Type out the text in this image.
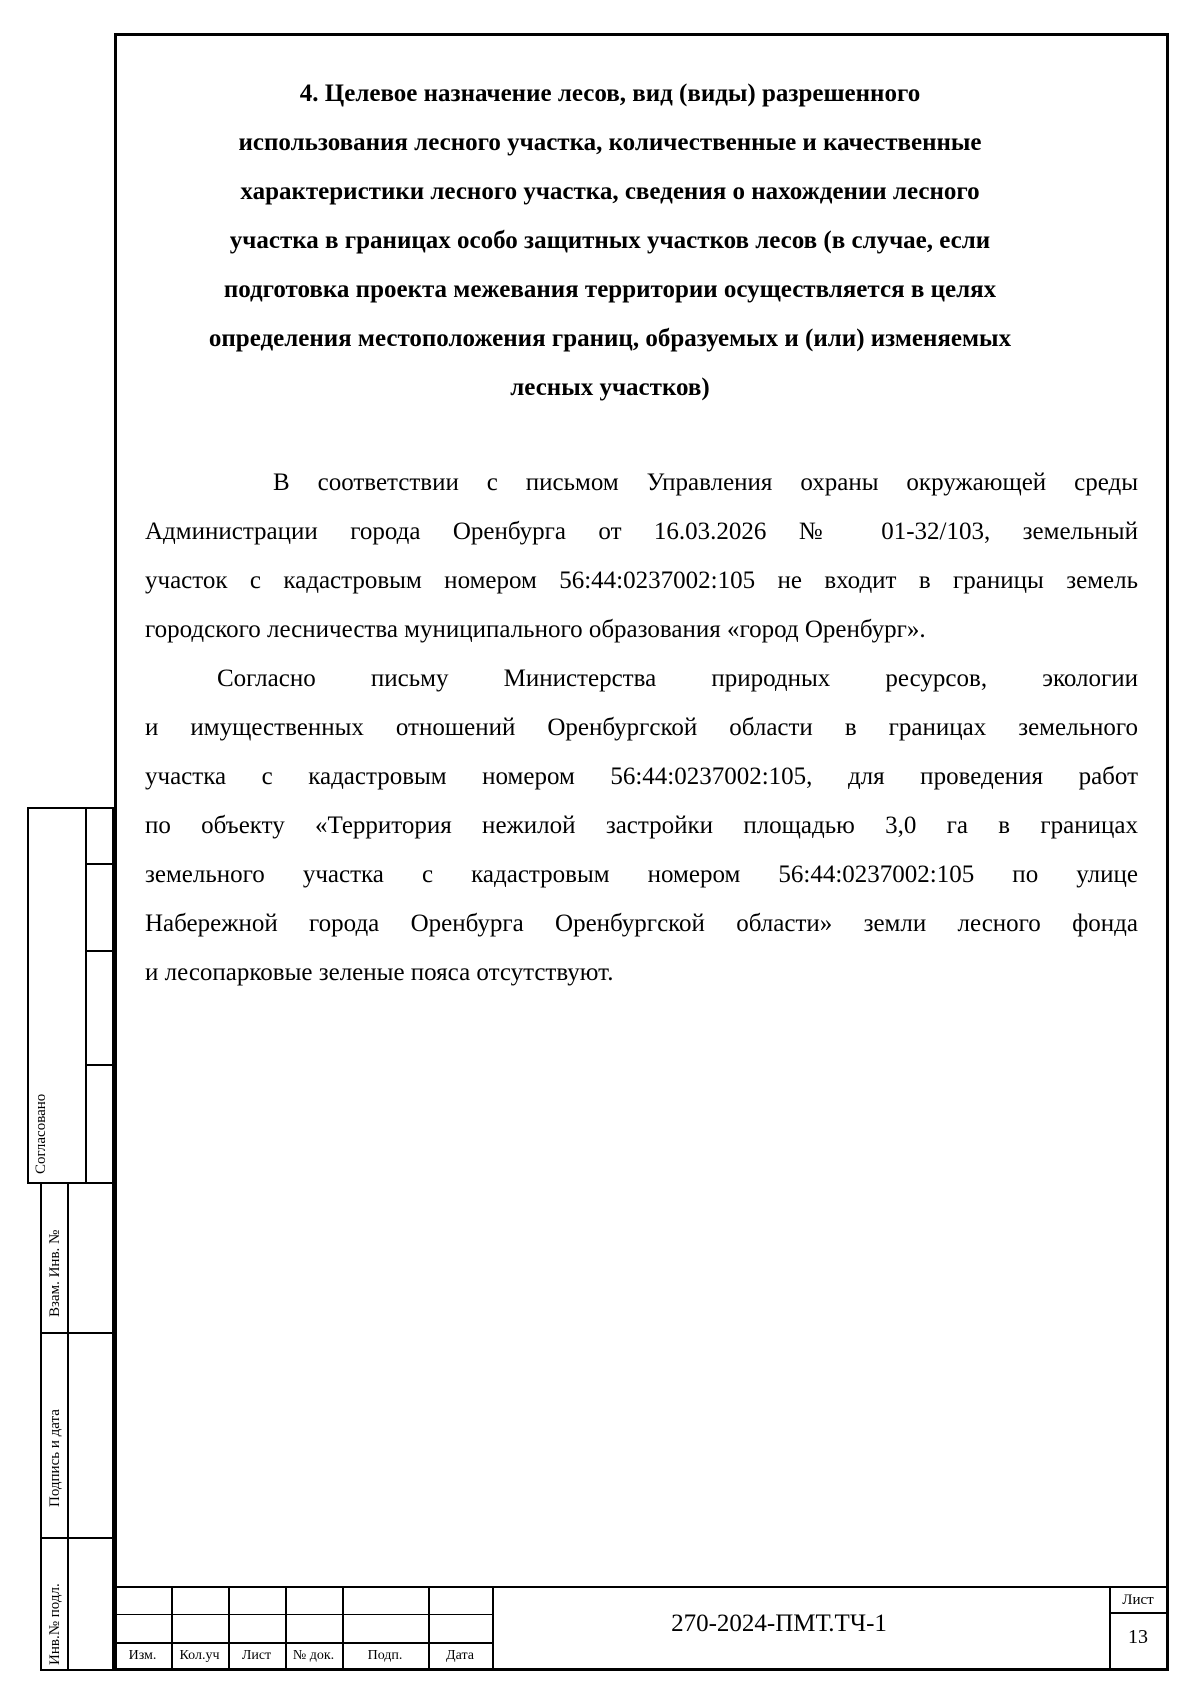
4. Целевое назначение лесов, вид (виды) разрешенного
использования лесного участка, количественные и качественные
характеристики лесного участка, сведения о нахождении лесного
участка в границах особо защитных участков лесов (в случае, если
подготовка проекта межевания территории осуществляется в целях
определения местоположения границ, образуемых и (или) изменяемых
лесных участков)

В соответствии с письмом Управления охраны окружающей среды
Администрации города Оренбурга от 16.03.2026 № 01-32/103, земельный
участок с кадастровым номером 56:44:0237002:105 не входит в границы земель
городского лесничества муниципального образования «город Оренбург».

Согласно письму Министерства природных ресурсов, экологии
и имущественных отношений Оренбургской области в границах земельного
участка с кадастровым номером 56:44:0237002:105, для проведения работ
по объекту «Территория нежилой застройки площадью 3,0 га в границах
земельного участка с кадастровым номером 56:44:0237002:105 по улице
Набережной города Оренбурга Оренбургской области» земли лесного фонда
и лесопарковые зеленые пояса отсутствуют.

Согласовано
Взам. Инв. №
Подпись и дата
Инв.№ подл.	Изм.	Кол.уч	Лист	№ док.	Подп.	Дата
270-2024-ПМТ.ТЧ-1
Лист
13
